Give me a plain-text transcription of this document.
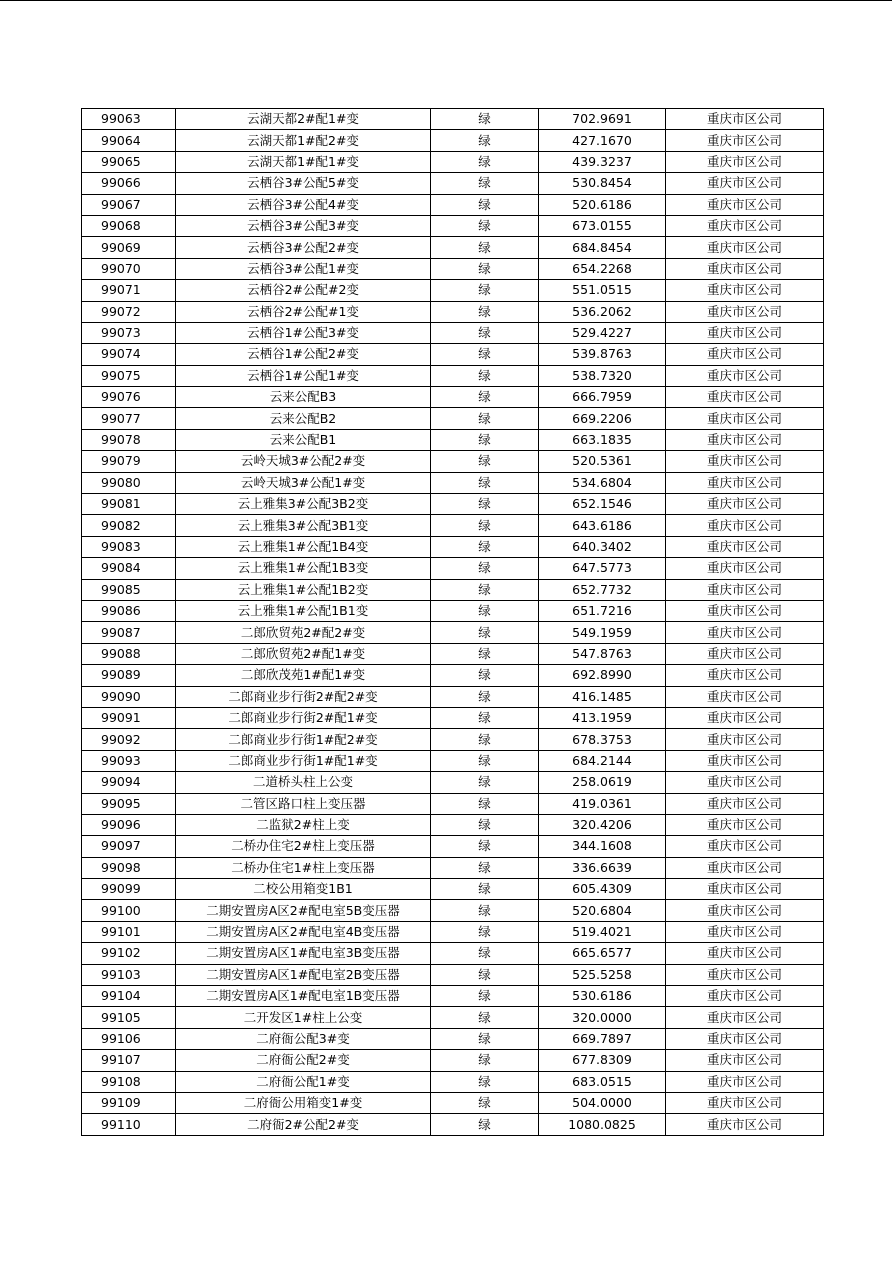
99063	云湖天都2#配1#变	绿	702.9691	重庆市区公司
99064	云湖天都1#配2#变	绿	427.1670	重庆市区公司
99065	云湖天都1#配1#变	绿	439.3237	重庆市区公司
99066	云栖谷3#公配5#变	绿	530.8454	重庆市区公司
99067	云栖谷3#公配4#变	绿	520.6186	重庆市区公司
99068	云栖谷3#公配3#变	绿	673.0155	重庆市区公司
99069	云栖谷3#公配2#变	绿	684.8454	重庆市区公司
99070	云栖谷3#公配1#变	绿	654.2268	重庆市区公司
99071	云栖谷2#公配#2变	绿	551.0515	重庆市区公司
99072	云栖谷2#公配#1变	绿	536.2062	重庆市区公司
99073	云栖谷1#公配3#变	绿	529.4227	重庆市区公司
99074	云栖谷1#公配2#变	绿	539.8763	重庆市区公司
99075	云栖谷1#公配1#变	绿	538.7320	重庆市区公司
99076	云来公配B3	绿	666.7959	重庆市区公司
99077	云来公配B2	绿	669.2206	重庆市区公司
99078	云来公配B1	绿	663.1835	重庆市区公司
99079	云岭天城3#公配2#变	绿	520.5361	重庆市区公司
99080	云岭天城3#公配1#变	绿	534.6804	重庆市区公司
99081	云上雅集3#公配3B2变	绿	652.1546	重庆市区公司
99082	云上雅集3#公配3B1变	绿	643.6186	重庆市区公司
99083	云上雅集1#公配1B4变	绿	640.3402	重庆市区公司
99084	云上雅集1#公配1B3变	绿	647.5773	重庆市区公司
99085	云上雅集1#公配1B2变	绿	652.7732	重庆市区公司
99086	云上雅集1#公配1B1变	绿	651.7216	重庆市区公司
99087	二郎欣贸苑2#配2#变	绿	549.1959	重庆市区公司
99088	二郎欣贸苑2#配1#变	绿	547.8763	重庆市区公司
99089	二郎欣茂苑1#配1#变	绿	692.8990	重庆市区公司
99090	二郎商业步行街2#配2#变	绿	416.1485	重庆市区公司
99091	二郎商业步行街2#配1#变	绿	413.1959	重庆市区公司
99092	二郎商业步行街1#配2#变	绿	678.3753	重庆市区公司
99093	二郎商业步行街1#配1#变	绿	684.2144	重庆市区公司
99094	二道桥头柱上公变	绿	258.0619	重庆市区公司
99095	二管区路口柱上变压器	绿	419.0361	重庆市区公司
99096	二监狱2#柱上变	绿	320.4206	重庆市区公司
99097	二桥办住宅2#柱上变压器	绿	344.1608	重庆市区公司
99098	二桥办住宅1#柱上变压器	绿	336.6639	重庆市区公司
99099	二校公用箱变1B1	绿	605.4309	重庆市区公司
99100	二期安置房A区2#配电室5B变压器	绿	520.6804	重庆市区公司
99101	二期安置房A区2#配电室4B变压器	绿	519.4021	重庆市区公司
99102	二期安置房A区1#配电室3B变压器	绿	665.6577	重庆市区公司
99103	二期安置房A区1#配电室2B变压器	绿	525.5258	重庆市区公司
99104	二期安置房A区1#配电室1B变压器	绿	530.6186	重庆市区公司
99105	二开发区1#柱上公变	绿	320.0000	重庆市区公司
99106	二府衙公配3#变	绿	669.7897	重庆市区公司
99107	二府衙公配2#变	绿	677.8309	重庆市区公司
99108	二府衙公配1#变	绿	683.0515	重庆市区公司
99109	二府衙公用箱变1#变	绿	504.0000	重庆市区公司
99110	二府衙2#公配2#变	绿	1080.0825	重庆市区公司
